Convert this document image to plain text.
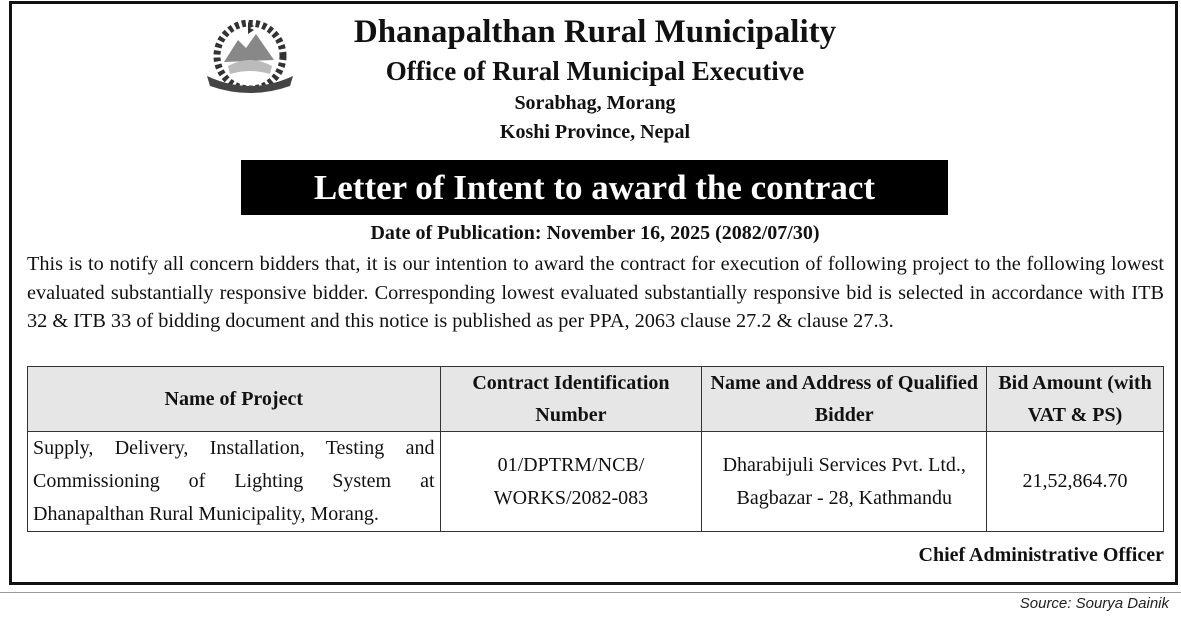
Dhanapalthan Rural Municipality
Office of Rural Municipal Executive
Sorabhag, Morang
Koshi Province, Nepal
Letter of Intent to award the contract
Date of Publication: November 16, 2025 (2082/07/30)
This is to notify all concern bidders that, it is our intention to award the contract for execution of following project to the following lowest evaluated substantially responsive bidder. Corresponding lowest evaluated substantially responsive bid is selected in accordance with ITB 32 & ITB 33 of bidding document and this notice is published as per PPA, 2063 clause 27.2 & clause 27.3.
Name of Project	Contract Identification Number	Name and Address of Qualified Bidder	Bid Amount (with VAT & PS)
Supply, Delivery, Installation, Testing and Commissioning of Lighting System at Dhanapalthan Rural Municipality, Morang.	01/DPTRM/NCB/ WORKS/2082-083	Dharabijuli Services Pvt. Ltd., Bagbazar - 28, Kathmandu	21,52,864.70
Chief Administrative Officer
Source: Sourya Dainik
